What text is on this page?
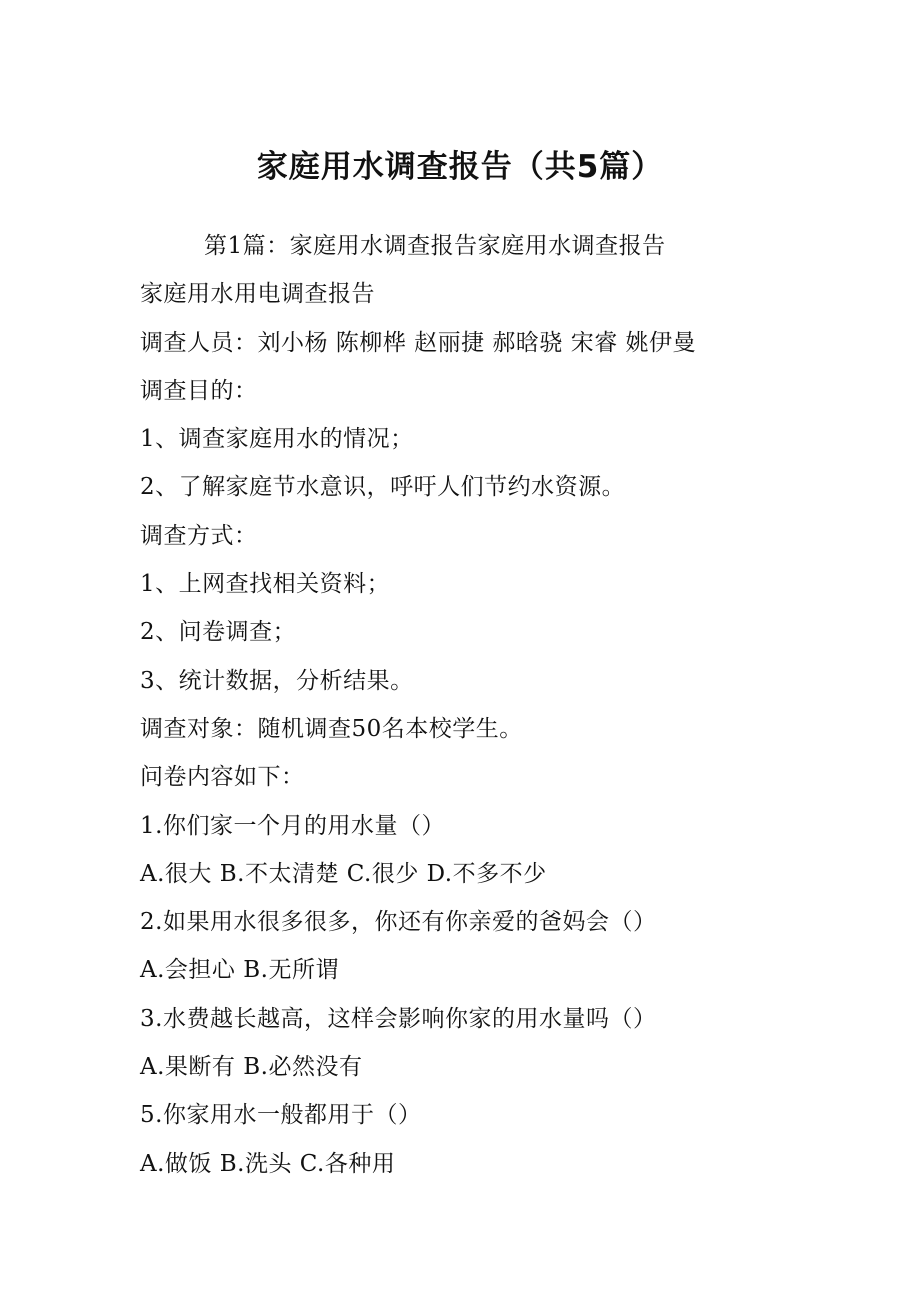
家庭用水调查报告（共5篇）
第1篇：家庭用水调查报告家庭用水调查报告
家庭用水用电调查报告
调查人员：刘小杨 陈柳桦 赵丽捷 郝晗骁 宋睿 姚伊曼
调查目的：
1、调查家庭用水的情况；
2、了解家庭节水意识，呼吁人们节约水资源。
调查方式：
1、上网查找相关资料；
2、问卷调查；
3、统计数据，分析结果。
调查对象：随机调查50名本校学生。
问卷内容如下：
1.你们家一个月的用水量（）
A.很大 B.不太清楚 C.很少 D.不多不少
2.如果用水很多很多，你还有你亲爱的爸妈会（）
A.会担心 B.无所谓
3.水费越长越高，这样会影响你家的用水量吗（）
A.果断有 B.必然没有
5.你家用水一般都用于（）
A.做饭 B.洗头 C.各种用
